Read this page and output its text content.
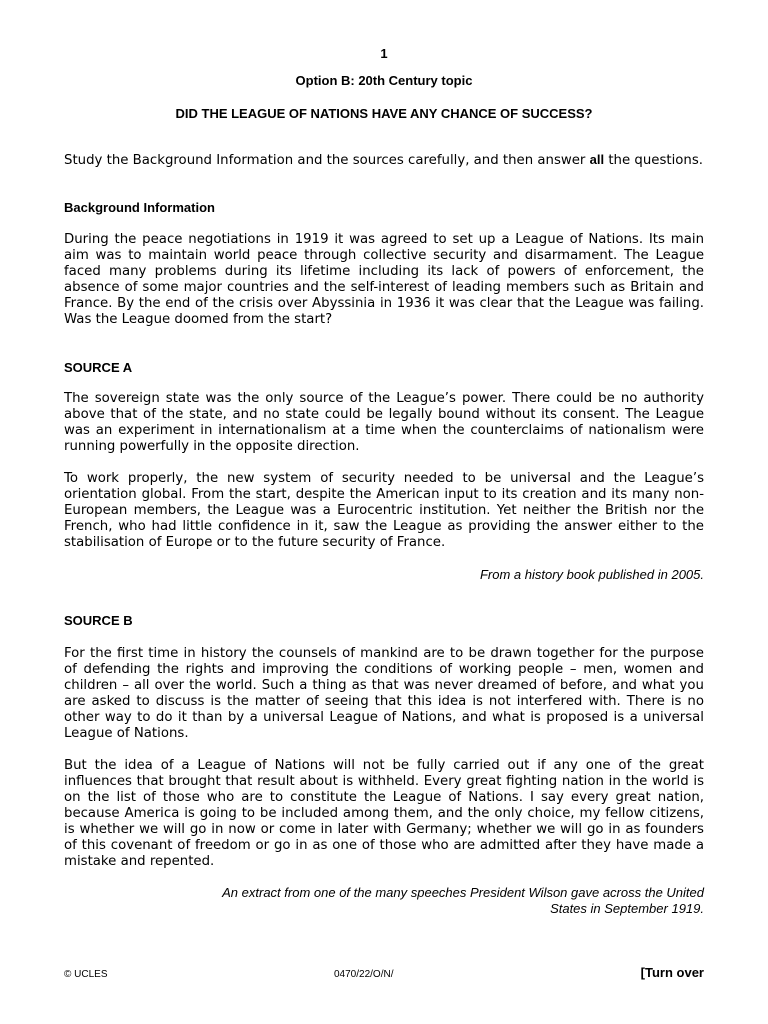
1
Option B: 20th Century topic
DID THE LEAGUE OF NATIONS HAVE ANY CHANCE OF SUCCESS?

Study the Background Information and the sources carefully, and then answer all the questions.

Background Information

During the peace negotiations in 1919 it was agreed to set up a League of Nations. Its main aim was to maintain world peace through collective security and disarmament. The League faced many problems during its lifetime including its lack of powers of enforcement, the absence of some major countries and the self-interest of leading members such as Britain and France. By the end of the crisis over Abyssinia in 1936 it was clear that the League was failing. Was the League doomed from the start?

SOURCE A

The sovereign state was the only source of the League’s power. There could be no authority above that of the state, and no state could be legally bound without its consent. The League was an experiment in internationalism at a time when the counterclaims of nationalism were running powerfully in the opposite direction.

To work properly, the new system of security needed to be universal and the League’s orientation global. From the start, despite the American input to its creation and its many non-European members, the League was a Eurocentric institution. Yet neither the British nor the French, who had little confidence in it, saw the League as providing the answer either to the stabilisation of Europe or to the future security of France.

From a history book published in 2005.

SOURCE B

For the first time in history the counsels of mankind are to be drawn together for the purpose of defending the rights and improving the conditions of working people – men, women and children – all over the world. Such a thing as that was never dreamed of before, and what you are asked to discuss is the matter of seeing that this idea is not interfered with. There is no other way to do it than by a universal League of Nations, and what is proposed is a universal League of Nations.

But the idea of a League of Nations will not be fully carried out if any one of the great influences that brought that result about is withheld. Every great fighting nation in the world is on the list of those who are to constitute the League of Nations. I say every great nation, because America is going to be included among them, and the only choice, my fellow citizens, is whether we will go in now or come in later with Germany; whether we will go in as founders of this covenant of freedom or go in as one of those who are admitted after they have made a mistake and repented.

An extract from one of the many speeches President Wilson gave across the United
States in September 1919.

© UCLES	0470/22/O/N/	[Turn over
